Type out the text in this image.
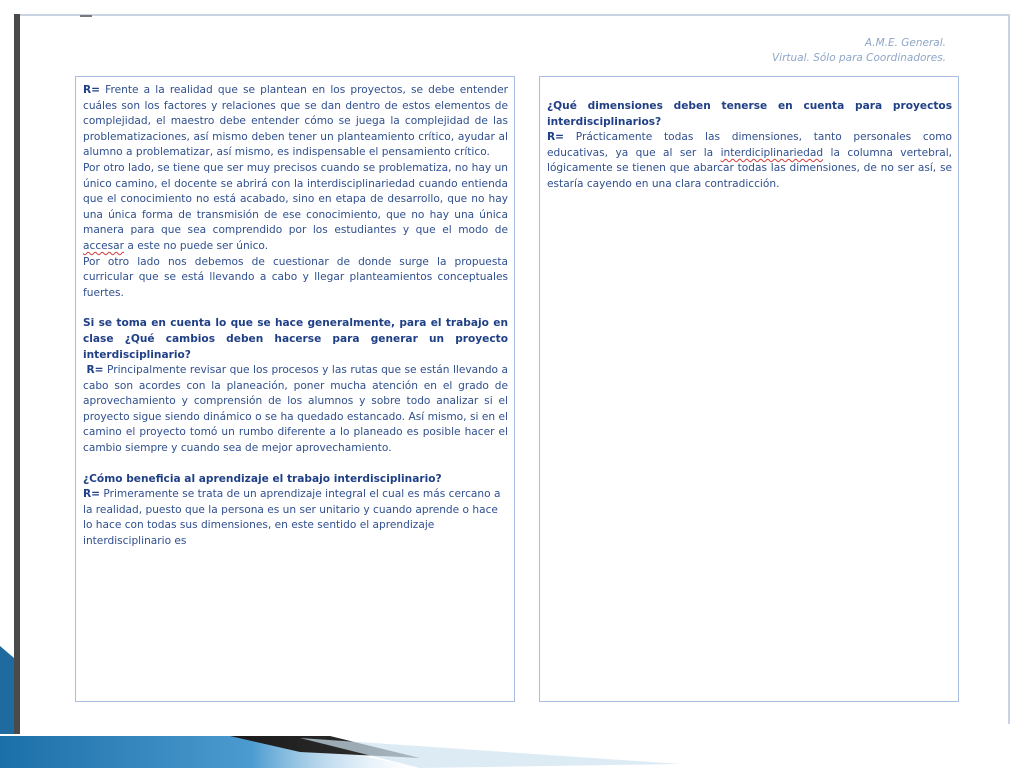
A.M.E. General.
Virtual. Sólo para Coordinadores.

R= Frente a la realidad que se plantean en los proyectos, se debe entender cuáles son los factores y relaciones que se dan dentro de estos elementos de complejidad, el maestro debe entender cómo se juega la complejidad de las problematizaciones, así mismo deben tener un planteamiento crítico, ayudar al alumno a problematizar, así mismo, es indispensable el pensamiento crítico.

Por otro lado, se tiene que ser muy precisos cuando se problematiza, no hay un único camino, el docente se abrirá con la interdisciplinariedad cuando entienda que el conocimiento no está acabado, sino en etapa de desarrollo, que no hay una única forma de transmisión de ese conocimiento, que no hay una única manera para que sea comprendido por los estudiantes y que el modo de accesar a este no puede ser único.

Por otro lado nos debemos de cuestionar de donde surge la propuesta curricular que se está llevando a cabo y llegar planteamientos conceptuales fuertes.

Si se toma en cuenta lo que se hace generalmente, para el trabajo en clase ¿Qué cambios deben hacerse para generar un proyecto interdisciplinario?

R= Principalmente revisar que los procesos y las rutas que se están llevando a cabo son acordes con la planeación, poner mucha atención en el grado de aprovechamiento y comprensión de los alumnos y sobre todo analizar si el proyecto sigue siendo dinámico o se ha quedado estancado. Así mismo, si en el camino el proyecto tomó un rumbo diferente a lo planeado es posible hacer el cambio siempre y cuando sea de mejor aprovechamiento.

¿Cómo beneficia al aprendizaje el trabajo interdisciplinario?

R= Primeramente se trata de un aprendizaje integral el cual es más cercano a la realidad, puesto que la persona es un ser unitario y cuando aprende o hace lo hace con todas sus dimensiones, en este sentido el aprendizaje interdisciplinario es

¿Qué dimensiones deben tenerse en cuenta para proyectos interdisciplinarios?

R= Prácticamente todas las dimensiones, tanto personales como educativas, ya que al ser la interdiciplinariedad la columna vertebral, lógicamente se tienen que abarcar todas las dimensiones, de no ser así, se estaría cayendo en una clara contradicción.
